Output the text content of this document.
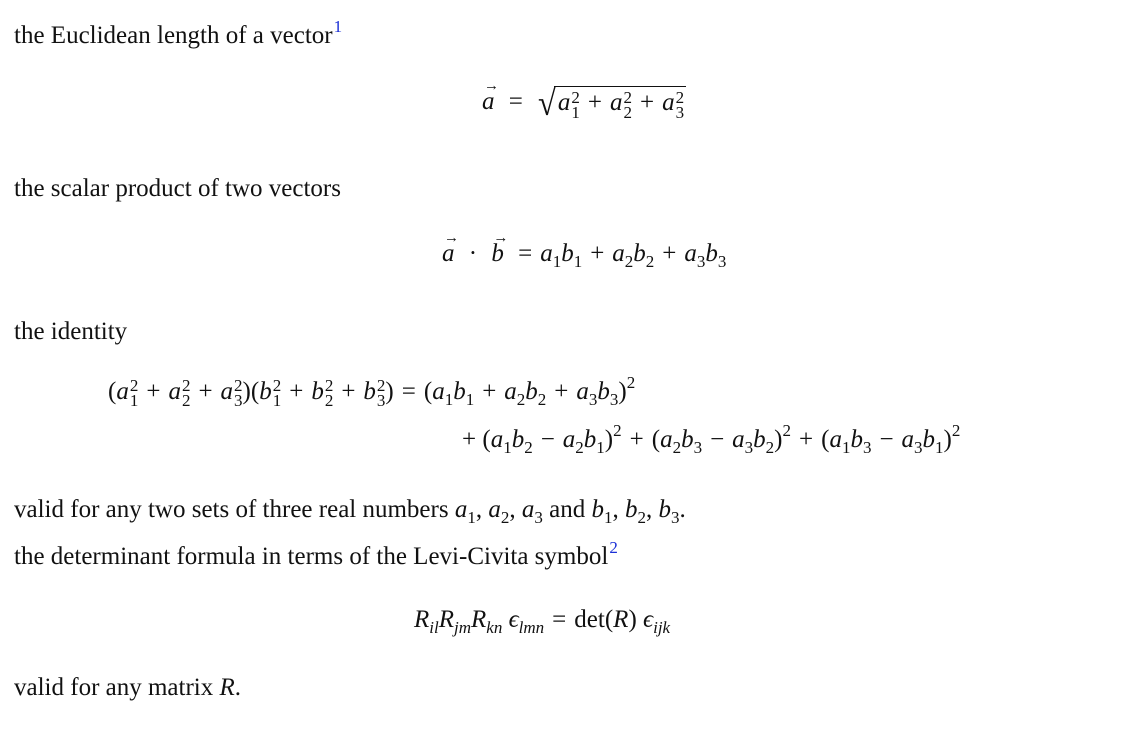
the Euclidean length of a vector$^1$

a
→
= √a 2
1 + a 2
2 + a 2
3

the scalar product of two vectors

a
→
· b
→
= $a_1b_1 + a_2b_2 + a_3b_3$

the identity

(a 2
1 + a 2
2 + a 2
3 )(b 2
1 + b 2
2 + b 2
3 ) = $(a_1b_1 + a_2b_2 + a_3b_3)^2$
+ $(a_1b_2 - a_2b_1)^2 + (a_2b_3 - a_3b_2)^2 + (a_1b_3 - a_3b_1)^2$

valid for any two sets of three real numbers $a_1$, $a_2$, $a_3$ and $b_1$, $b_2$, $b_3$.

the determinant formula in terms of the Levi-Civita symbol$^2$

$R_{il}R_{jm}R_{kn}$ $\epsilon_{lmn} = \det(R)$ $\epsilon_{ijk}$

valid for any matrix R.
